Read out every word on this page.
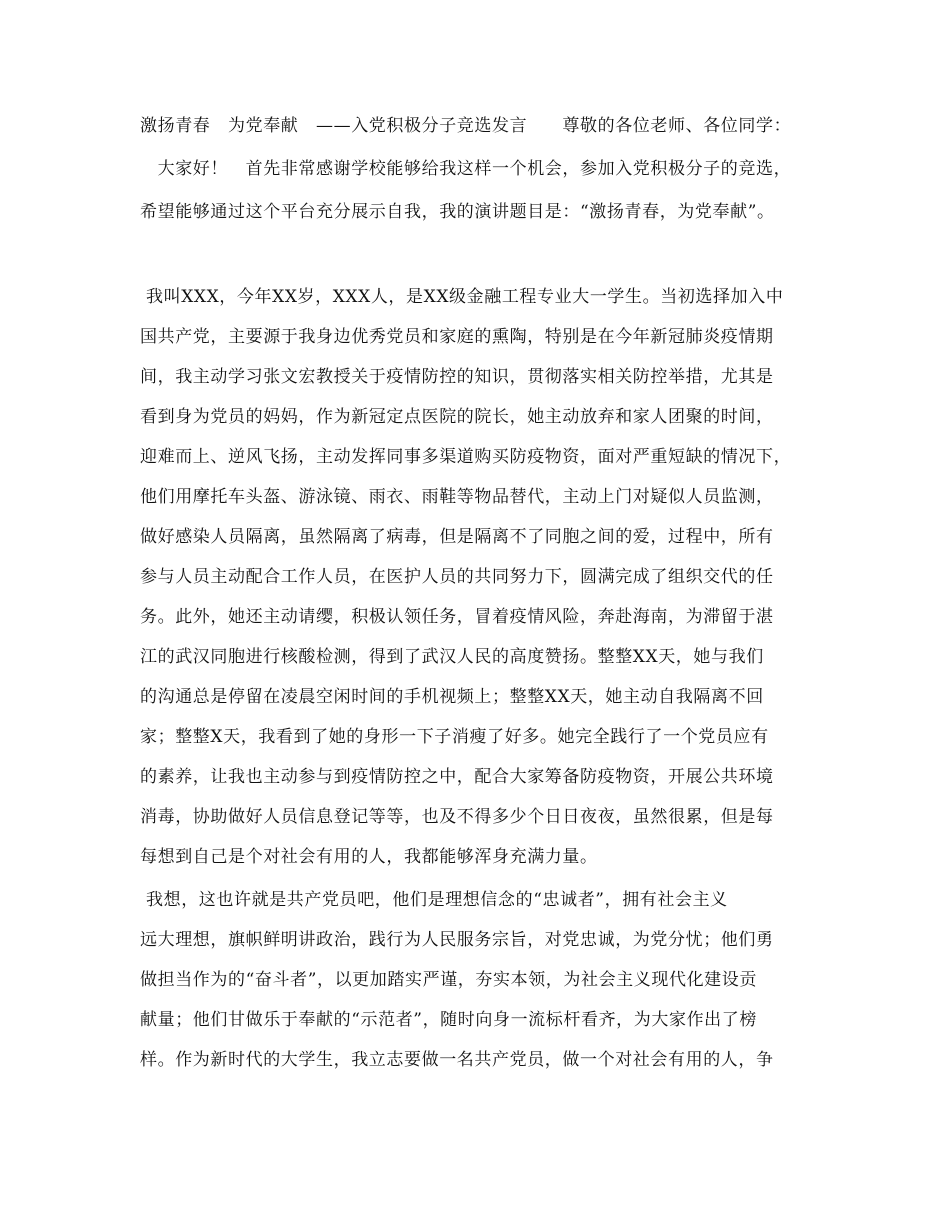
激扬青春　为党奉献　——入党积极分子竞选发言　　尊敬的各位老师、各位同学：
　大家好！　首先非常感谢学校能够给我这样一个机会，参加入党积极分子的竞选，
希望能够通过这个平台充分展示自我，我的演讲题目是：“激扬青春，为党奉献”。
我叫XXX，今年XX岁，XXX人，是XX级金融工程专业大一学生。当初选择加入中
国共产党，主要源于我身边优秀党员和家庭的熏陶，特别是在今年新冠肺炎疫情期
间，我主动学习张文宏教授关于疫情防控的知识，贯彻落实相关防控举措，尤其是
看到身为党员的妈妈，作为新冠定点医院的院长，她主动放弃和家人团聚的时间，
迎难而上、逆风飞扬，主动发挥同事多渠道购买防疫物资，面对严重短缺的情况下，
他们用摩托车头盔、游泳镜、雨衣、雨鞋等物品替代，主动上门对疑似人员监测，
做好感染人员隔离，虽然隔离了病毒，但是隔离不了同胞之间的爱，过程中，所有
参与人员主动配合工作人员，在医护人员的共同努力下，圆满完成了组织交代的任
务。此外，她还主动请缨，积极认领任务，冒着疫情风险，奔赴海南，为滞留于湛
江的武汉同胞进行核酸检测，得到了武汉人民的高度赞扬。整整XX天，她与我们
的沟通总是停留在凌晨空闲时间的手机视频上；整整XX天，她主动自我隔离不回
家；整整X天，我看到了她的身形一下子消瘦了好多。她完全践行了一个党员应有
的素养，让我也主动参与到疫情防控之中，配合大家筹备防疫物资，开展公共环境
消毒，协助做好人员信息登记等等，也及不得多少个日日夜夜，虽然很累，但是每
每想到自己是个对社会有用的人，我都能够浑身充满力量。
我想，这也许就是共产党员吧，他们是理想信念的“忠诚者”，拥有社会主义
远大理想，旗帜鲜明讲政治，践行为人民服务宗旨，对党忠诚，为党分忧；他们勇
做担当作为的“奋斗者”，以更加踏实严谨，夯实本领，为社会主义现代化建设贡
献量；他们甘做乐于奉献的“示范者”，随时向身一流标杆看齐，为大家作出了榜
样。作为新时代的大学生，我立志要做一名共产党员，做一个对社会有用的人，争
